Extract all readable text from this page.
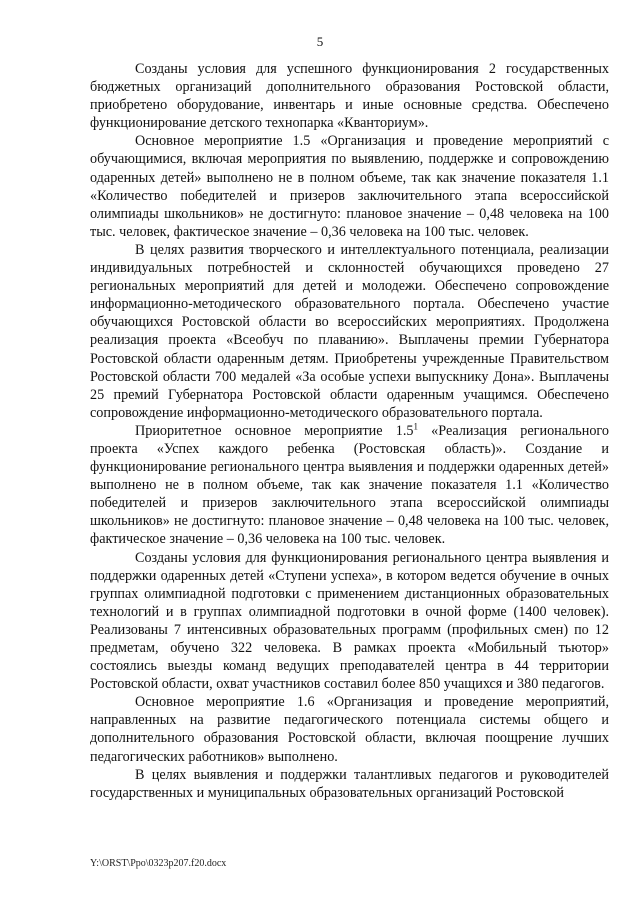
5

Созданы условия для успешного функционирования 2 государственных бюджетных организаций дополнительного образования Ростовской области, приобретено оборудование, инвентарь и иные основные средства. Обеспечено функционирование детского технопарка «Кванториум».

Основное мероприятие 1.5 «Организация и проведение мероприятий с обучающимися, включая мероприятия по выявлению, поддержке и сопровождению одаренных детей» выполнено не в полном объеме, так как значение показателя 1.1 «Количество победителей и призеров заключительного этапа всероссийской олимпиады школьников» не достигнуто: плановое значение – 0,48 человека на 100 тыс. человек, фактическое значение – 0,36 человека на 100 тыс. человек.

В целях развития творческого и интеллектуального потенциала, реализации индивидуальных потребностей и склонностей обучающихся проведено 27 региональных мероприятий для детей и молодежи. Обеспечено сопровождение информационно-методического образовательного портала. Обеспечено участие обучающихся Ростовской области во всероссийских мероприятиях. Продолжена реализация проекта «Всеобуч по плаванию». Выплачены премии Губернатора Ростовской области одаренным детям. Приобретены учрежденные Правительством Ростовской области 700 медалей «За особые успехи выпускнику Дона». Выплачены 25 премий Губернатора Ростовской области одаренным учащимся. Обеспечено сопровождение информационно-методического образовательного портала.

Приоритетное основное мероприятие $1.5^1$ «Реализация регионального проекта «Успех каждого ребенка (Ростовская область)». Создание и функционирование регионального центра выявления и поддержки одаренных детей» выполнено не в полном объеме, так как значение показателя 1.1 «Количество победителей и призеров заключительного этапа всероссийской олимпиады школьников» не достигнуто: плановое значение – 0,48 человека на 100 тыс. человек, фактическое значение – 0,36 человека на 100 тыс. человек.

Созданы условия для функционирования регионального центра выявления и поддержки одаренных детей «Ступени успеха», в котором ведется обучение в очных группах олимпиадной подготовки с применением дистанционных образовательных технологий и в группах олимпиадной подготовки в очной форме (1400 человек). Реализованы 7 интенсивных образовательных программ (профильных смен) по 12 предметам, обучено 322 человека. В рамках проекта «Мобильный тьютор» состоялись выезды команд ведущих преподавателей центра в 44 территории Ростовской области, охват участников составил более 850 учащихся и 380 педагогов.

Основное мероприятие 1.6 «Организация и проведение мероприятий, направленных на развитие педагогического потенциала системы общего и дополнительного образования Ростовской области, включая поощрение лучших педагогических работников» выполнено.

В целях выявления и поддержки талантливых педагогов и руководителей государственных и муниципальных образовательных организаций Ростовской

Y:\ORST\Ppo\0323p207.f20.docx
